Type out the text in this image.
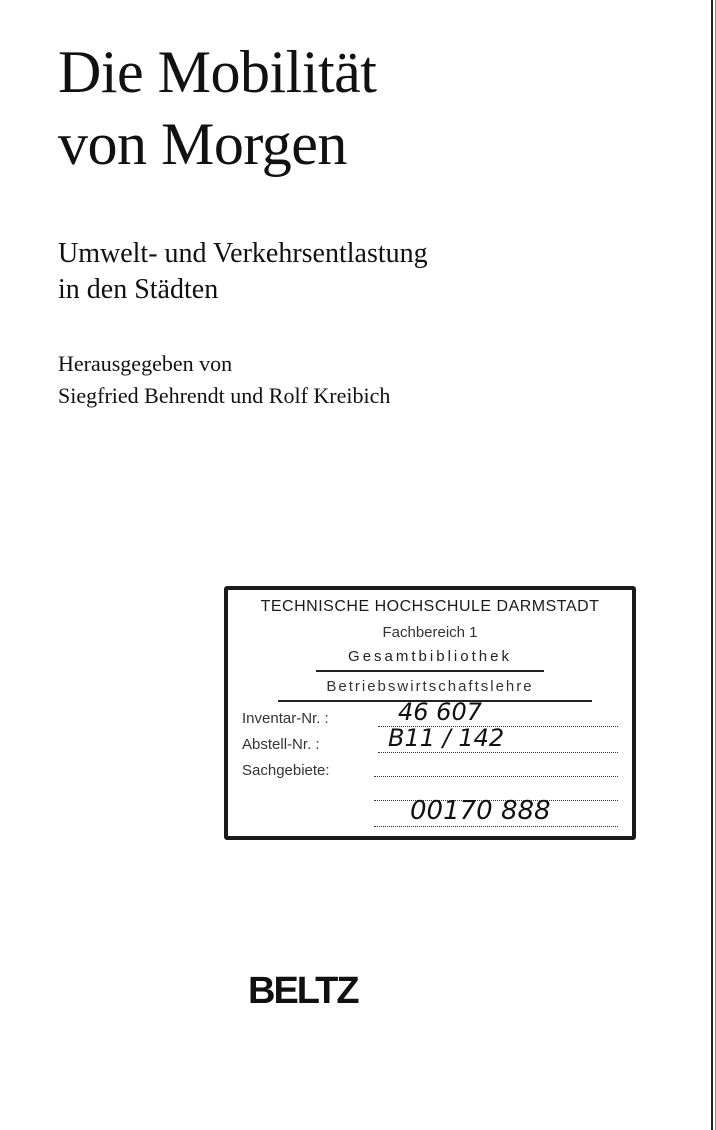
Die Mobilität
von Morgen
Umwelt- und Verkehrsentlastung
in den Städten
Herausgegeben von
Siegfried Behrendt und Rolf Kreibich
TECHNISCHE HOCHSCHULE DARMSTADT
Fachbereich 1
Gesamtbibliothek
Betriebswirtschaftslehre
Inventar-Nr. :	46 607
Abstell-Nr. :	B11 / 142
Sachgebiete:
00170 888
BELTZ
